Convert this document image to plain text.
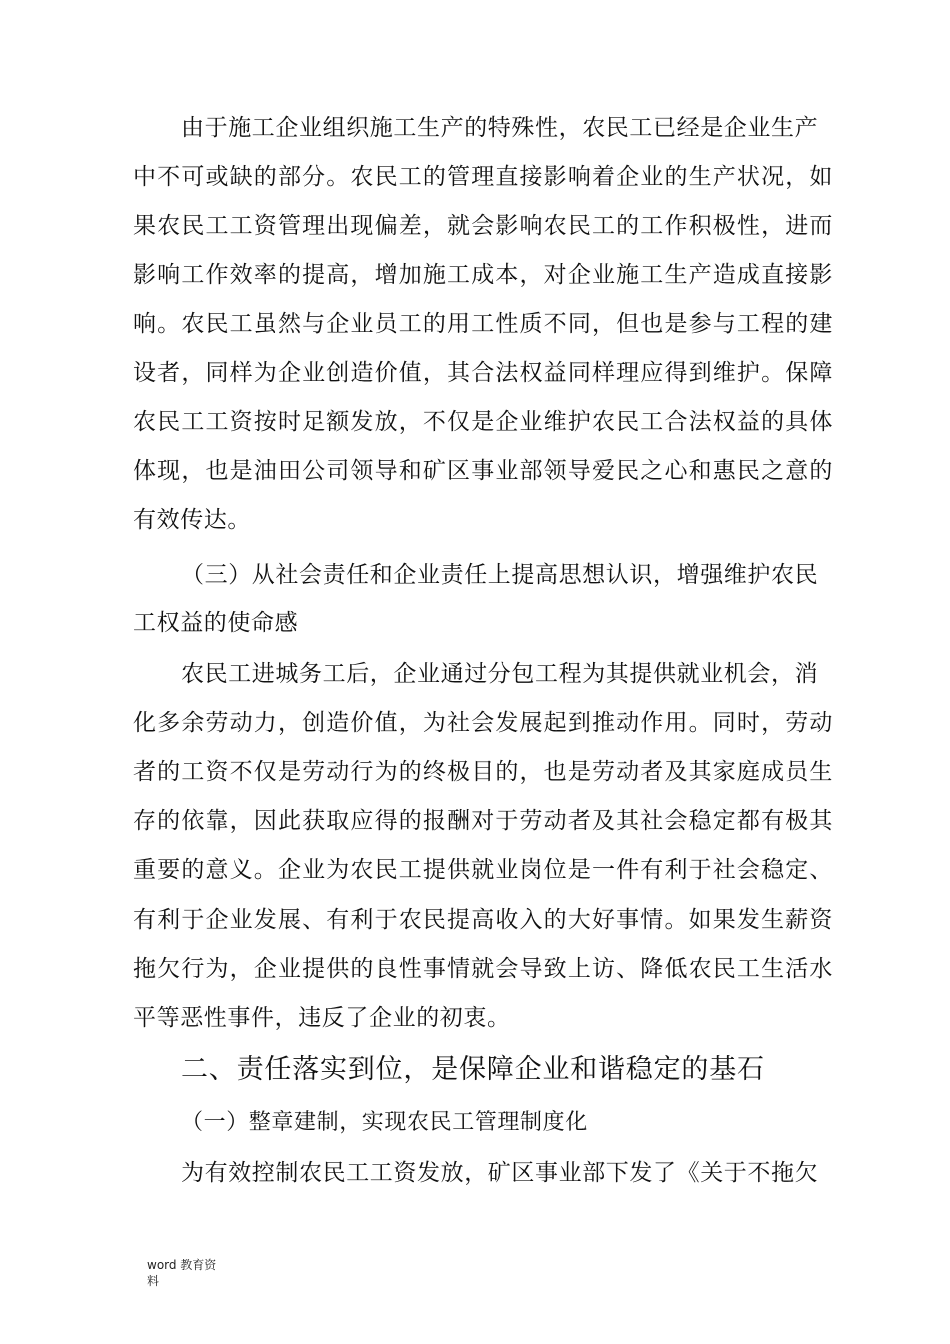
由于施工企业组织施工生产的特殊性，农民工已经是企业生产
中不可或缺的部分。农民工的管理直接影响着企业的生产状况，如
果农民工工资管理出现偏差，就会影响农民工的工作积极性，进而
影响工作效率的提高，增加施工成本，对企业施工生产造成直接影
响。农民工虽然与企业员工的用工性质不同，但也是参与工程的建
设者，同样为企业创造价值，其合法权益同样理应得到维护。保障
农民工工资按时足额发放，不仅是企业维护农民工合法权益的具体
体现，也是油田公司领导和矿区事业部领导爱民之心和惠民之意的
有效传达。
（三）从社会责任和企业责任上提高思想认识，增强维护农民
工权益的使命感
农民工进城务工后，企业通过分包工程为其提供就业机会，消
化多余劳动力，创造价值，为社会发展起到推动作用。同时，劳动
者的工资不仅是劳动行为的终极目的，也是劳动者及其家庭成员生
存的依靠，因此获取应得的报酬对于劳动者及其社会稳定都有极其
重要的意义。企业为农民工提供就业岗位是一件有利于社会稳定、
有利于企业发展、有利于农民提高收入的大好事情。如果发生薪资
拖欠行为，企业提供的良性事情就会导致上访、降低农民工生活水
平等恶性事件，违反了企业的初衷。
二、责任落实到位，是保障企业和谐稳定的基石
（一）整章建制，实现农民工管理制度化
为有效控制农民工工资发放，矿区事业部下发了《关于不拖欠
word 教育资
料
